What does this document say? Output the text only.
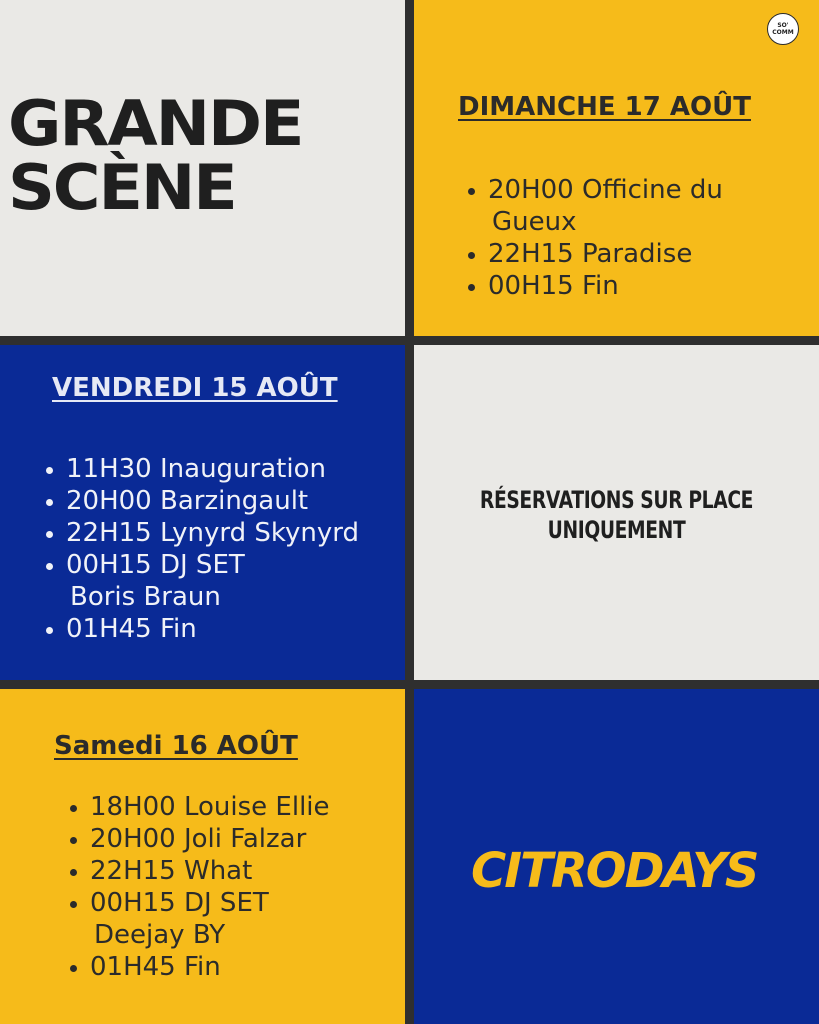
GRANDE
SCÈNE
SO'
COMM
DIMANCHE 17 AOÛT
20H00 Officine du
Gueux
22H15 Paradise
00H15 Fin
VENDREDI 15 AOÛT
11H30 Inauguration
20H00 Barzingault
22H15 Lynyrd Skynyrd
00H15 DJ SET
Boris Braun
01H45 Fin

RÉSERVATIONS SUR PLACE
UNIQUEMENT

Samedi 16 AOÛT
18H00 Louise Ellie
20H00 Joli Falzar
22H15 What
00H15 DJ SET
Deejay BY
01H45 Fin
CITRODAYS
